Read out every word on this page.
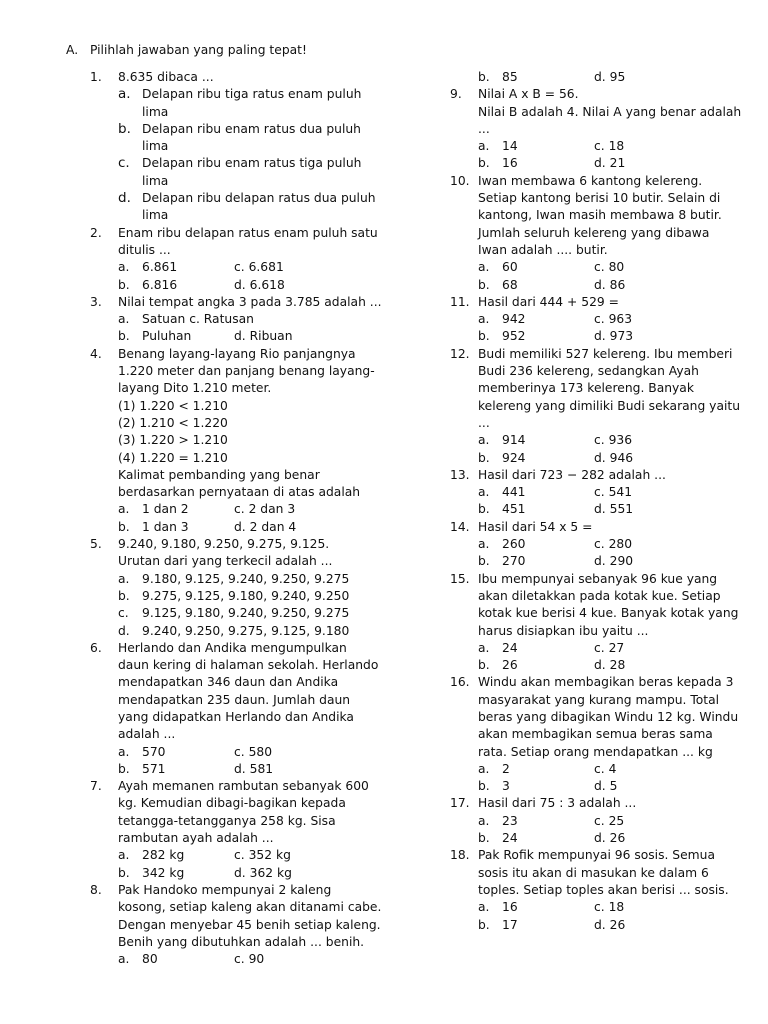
A. Pilihlah jawaban yang paling tepat!
1.	8.635 dibaca ...
a. Delapan ribu tiga ratus enam puluh
lima
b. Delapan ribu enam ratus dua puluh
lima
c. Delapan ribu enam ratus tiga puluh
lima
d. Delapan ribu delapan ratus dua puluh
lima
2.	Enam ribu delapan ratus enam puluh satu
ditulis ...
a.	6.861	c. 6.681
b. 6.816	d. 6.618
3.	Nilai tempat angka 3 pada 3.785 adalah ...
a.	Satuan c. Ratusan
b. Puluhan	d. Ribuan
4.	Benang layang-layang Rio panjangnya
1.220 meter dan panjang benang layang-
layang Dito 1.210 meter.
(1) 1.220 < 1.210
(2) 1.210 < 1.220
(3) 1.220 > 1.210
(4) 1.220 = 1.210
Kalimat pembanding yang benar
berdasarkan pernyataan di atas adalah
a.	1 dan 2	c. 2 dan 3
b. 1 dan 3	d. 2 dan 4
5.	9.240, 9.180, 9.250, 9.275, 9.125.
Urutan dari yang terkecil adalah ...
a.	9.180, 9.125, 9.240, 9.250, 9.275
b. 9.275, 9.125, 9.180, 9.240, 9.250
c.	9.125, 9.180, 9.240, 9.250, 9.275
d. 9.240, 9.250, 9.275, 9.125, 9.180
6.	Herlando dan Andika mengumpulkan
daun kering di halaman sekolah. Herlando
mendapatkan 346 daun dan Andika
mendapatkan 235 daun. Jumlah daun
yang didapatkan Herlando dan Andika
adalah ...
a.	570	c. 580
b. 571	d. 581
7.	Ayah memanen rambutan sebanyak 600
kg. Kemudian dibagi-bagikan kepada
tetangga-tetangganya 258 kg. Sisa
rambutan ayah adalah ...
a.	282 kg	c. 352 kg
b. 342 kg	d. 362 kg
8.	Pak Handoko mempunyai 2 kaleng
kosong, setiap kaleng akan ditanami cabe.
Dengan menyebar 45 benih setiap kaleng.
Benih yang dibutuhkan adalah ... benih.
a.	80	c. 90
b. 85	d. 95
9.	Nilai A x B = 56.
Nilai B adalah 4. Nilai A yang benar adalah
...
a.	14	c. 18
b. 16	d. 21
10. Iwan membawa 6 kantong kelereng.
Setiap kantong berisi 10 butir. Selain di
kantong, Iwan masih membawa 8 butir.
Jumlah seluruh kelereng yang dibawa
Iwan adalah .... butir.
a.	60	c. 80
b. 68	d. 86
11. Hasil dari 444 + 529 =
a.	942	c. 963
b. 952	d. 973
12. Budi memiliki 527 kelereng. Ibu memberi
Budi 236 kelereng, sedangkan Ayah
memberinya 173 kelereng. Banyak
kelereng yang dimiliki Budi sekarang yaitu
...
a.	914	c. 936
b. 924	d. 946
13. Hasil dari 723 − 282 adalah ...
a.	441	c. 541
b. 451	d. 551
14. Hasil dari 54 x 5 =
a.	260	c. 280
b. 270	d. 290
15. Ibu mempunyai sebanyak 96 kue yang
akan diletakkan pada kotak kue. Setiap
kotak kue berisi 4 kue. Banyak kotak yang
harus disiapkan ibu yaitu ...
a.	24	c. 27
b. 26	d. 28
16. Windu akan membagikan beras kepada 3
masyarakat yang kurang mampu. Total
beras yang dibagikan Windu 12 kg. Windu
akan membagikan semua beras sama
rata. Setiap orang mendapatkan ... kg
a.	2	c. 4
b. 3	d. 5
17. Hasil dari 75 : 3 adalah ...
a.	23	c. 25
b. 24	d. 26
18. Pak Rofik mempunyai 96 sosis. Semua
sosis itu akan di masukan ke dalam 6
toples. Setiap toples akan berisi ... sosis.
a.	16	c. 18
b. 17	d. 26
